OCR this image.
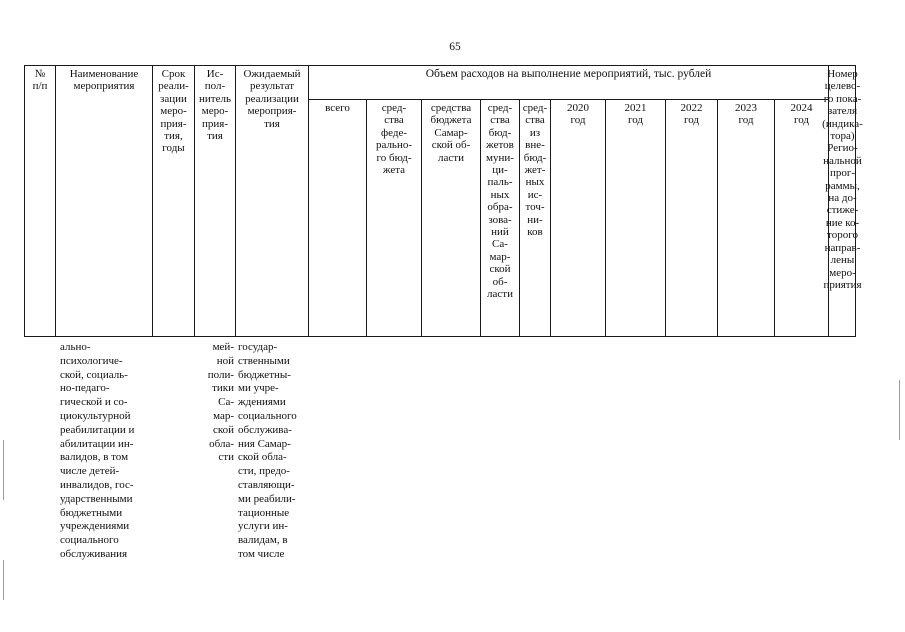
65
№
п/п
Наименование
мероприятия
Срок
реали-
зации
меро-
прия-
тия,
годы
Ис-
пол-
нитель
меро-
прия-
тия
Ожидаемый
результат
реализации
мероприя-
тия
Объем расходов на выполнение мероприятий, тыс. рублей	Номер
целево-
го пока-
зателя
(индика-
тора)
Регио-
нальной
прог-
раммы,
на до-
стиже-
ние ко-
торого
направ-
лены
меро-
приятия
всего	сред-
ства
феде-
рально-
го бюд-
жета
средства
бюджета
Самар-
ской об-
ласти
сред-
ства
бюд-
жетов
муни-
ци-
паль-
ных
обра-
зова-
ний
Са-
мар-
ской
об-
ласти
сред-
ства
из
вне-
бюд-
жет-
ных
ис-
точ-
ни-
ков
2020
год
2021
год
2022
год
2023
год
2024
год
ально-
психологиче-
ской, социаль-
но-педаго-
гической и со-
циокультурной
реабилитации и
абилитации ин-
валидов, в том
числе детей-
инвалидов, гос-
ударственными
бюджетными
учреждениями
социального
обслуживания
мей-
ной
поли-
тики
Са-
мар-
ской
обла-
сти
государ-
ственными
бюджетны-
ми учре-
ждениями
социального
обслужива-
ния Самар-
ской обла-
сти, предо-
ставляющи-
ми реабили-
тационные
услуги ин-
валидам, в
том числе
